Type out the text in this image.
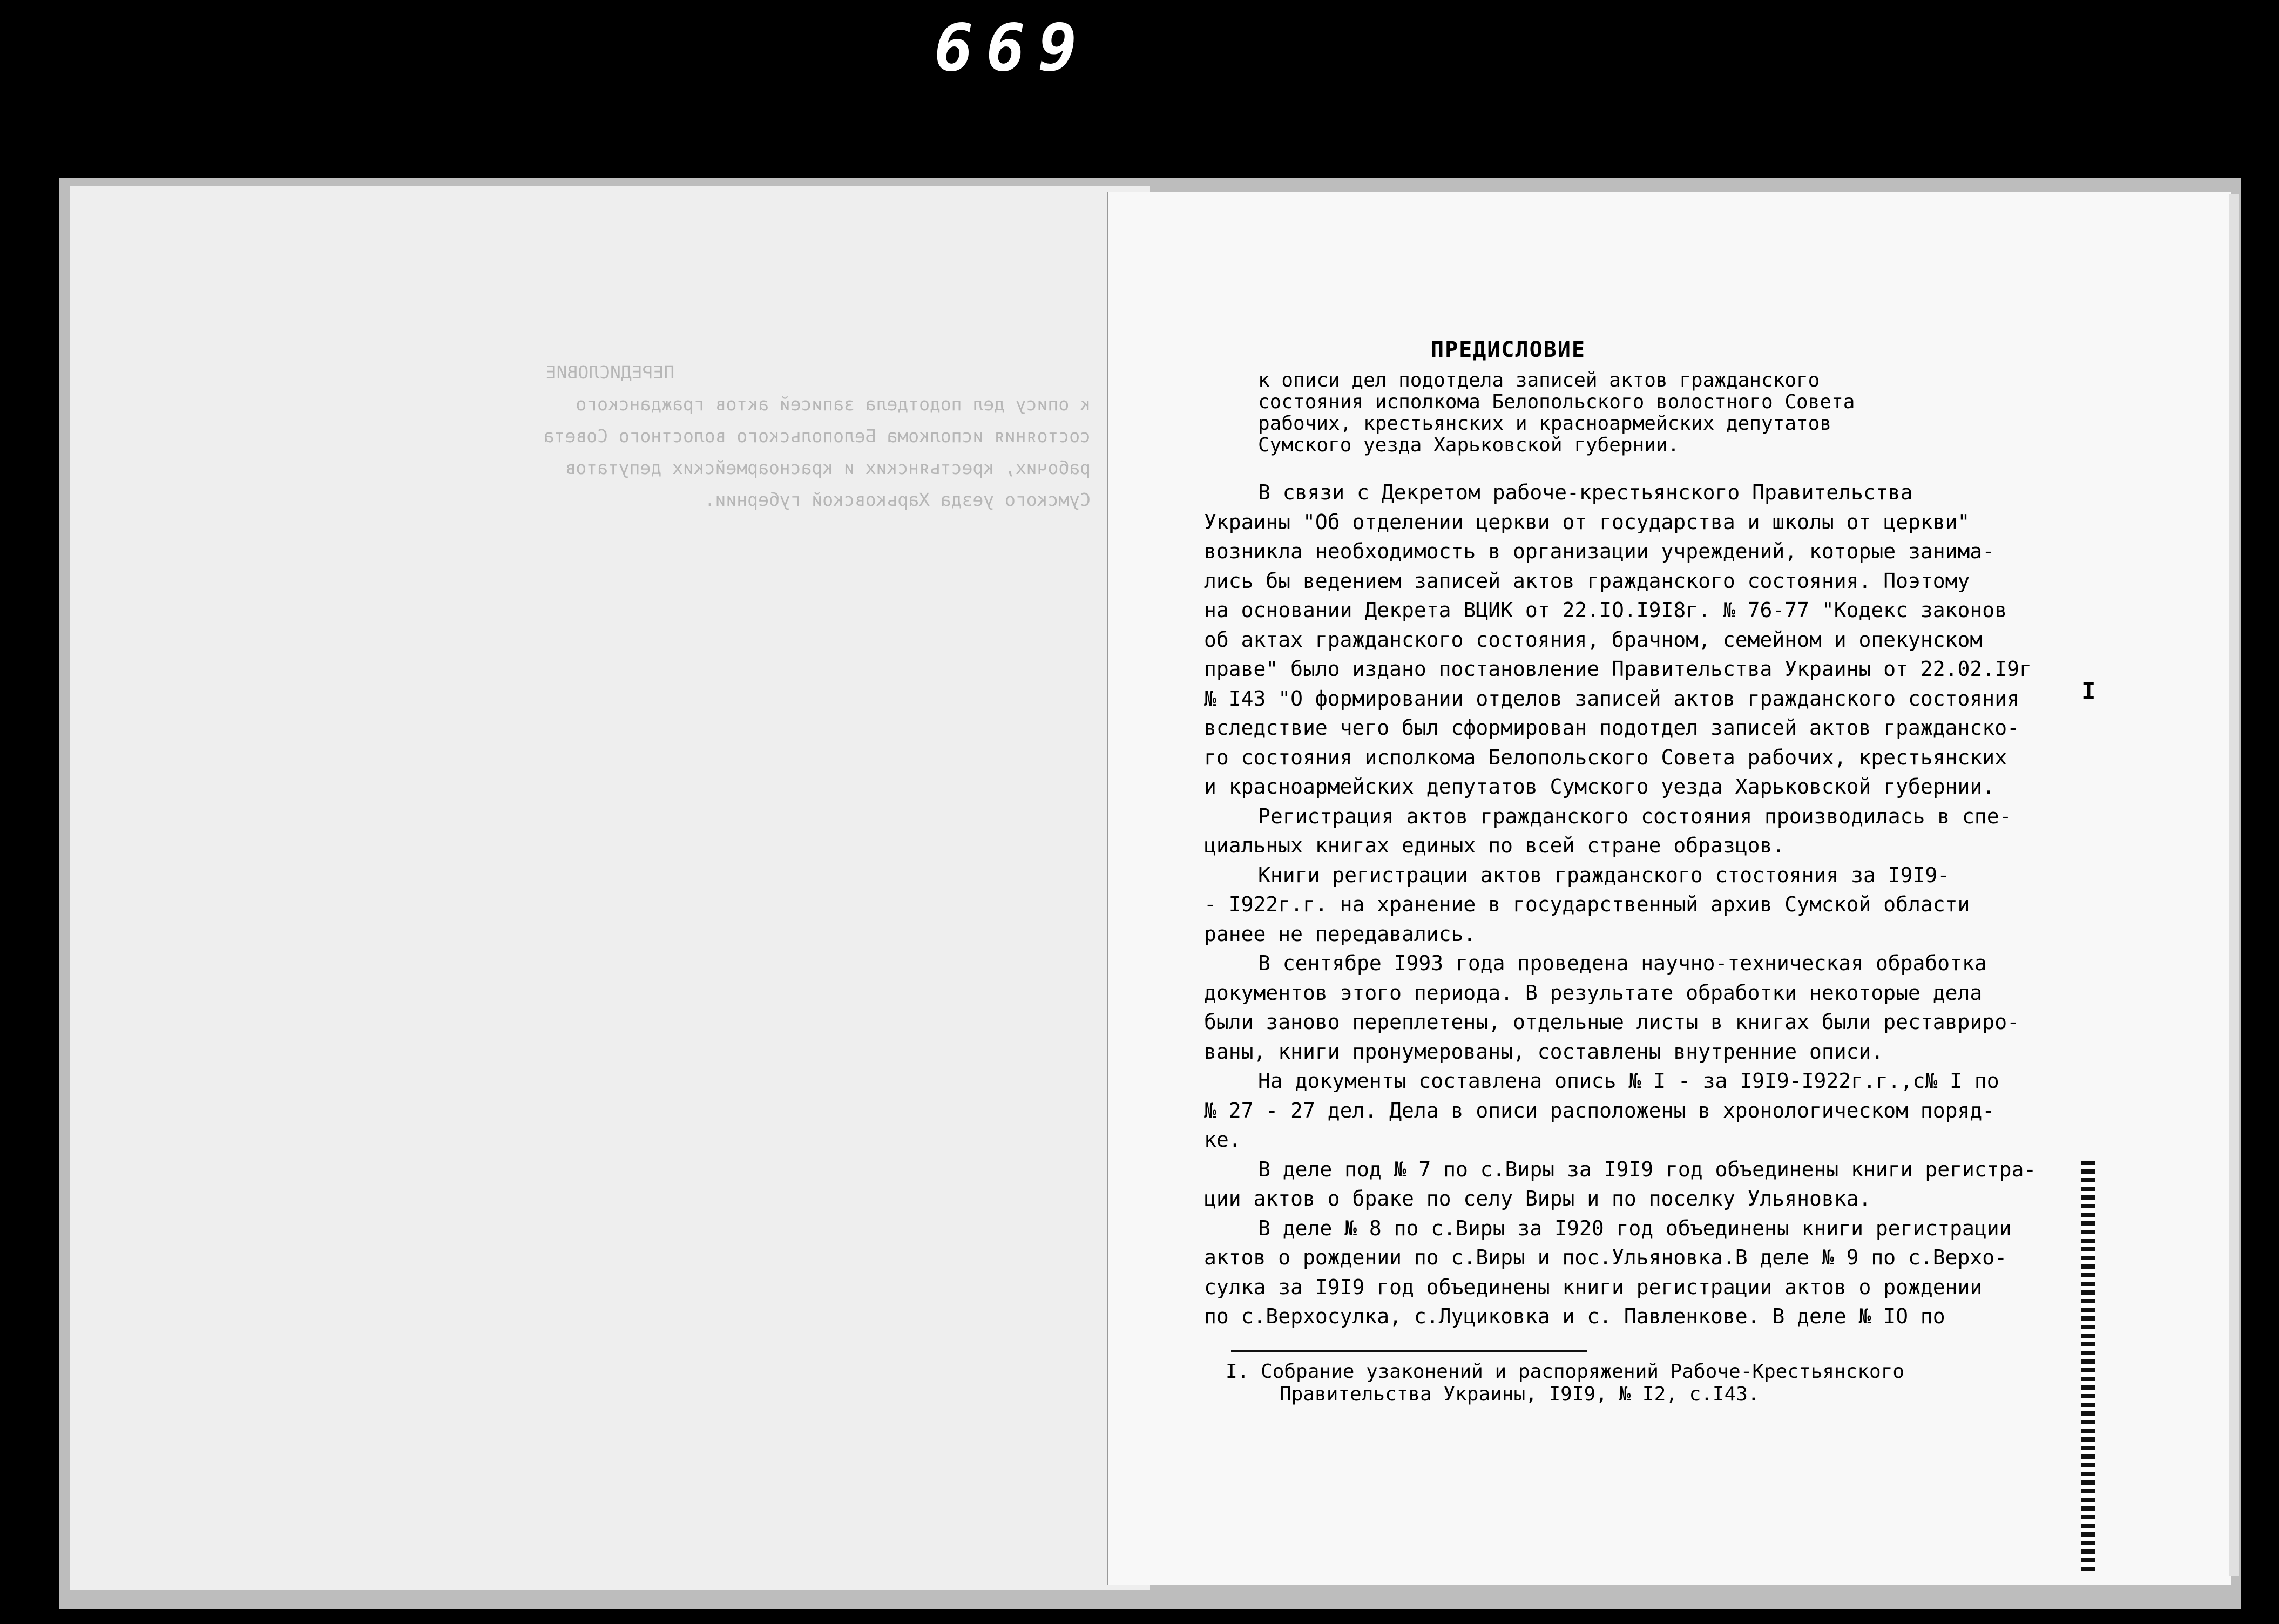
669

ПЕРЕДИСЛОВИЕ

к опису дел подотдела записей актов гражданского

состояния исполкома Белопольского волостного Совета

рабочих, крестьянских и красноармейских депутатов

Сумского уезда Харьковской губернии.

ПРЕДИСЛОВИЕ

к описи дел подотдела записей актов гражданского

состояния исполкома Белопольского волостного Совета

рабочих, крестьянских и красноармейских депутатов

Сумского уезда Харьковской губернии.

В связи с Декретом рабоче-крестьянского Правительства

Украины "Об отделении церкви от государства и школы от церкви"

возникла необходимость в организации учреждений, которые занима-

лись бы ведением записей актов гражданского состояния. Поэтому

на основании Декрета ВЦИК от 22.IO.I9I8г. № 76-77 "Кодекс законов

об актах гражданского состояния, брачном, семейном и опекунском

праве" было издано постановление Правительства Украины от 22.02.I9г

№ I43 "О формировании отделов записей актов гражданского состояния

вследствие чего был сформирован подотдел записей актов гражданско-

го состояния исполкома Белопольского Совета рабочих, крестьянских

и красноармейских депутатов Сумского уезда Харьковской губернии.

Регистрация актов гражданского состояния производилась в спе-

циальных книгах единых по всей стране образцов.

Книги регистрации актов гражданского стостояния за I9I9-

- I922г.г. на хранение в государственный архив Сумской области

ранее не передавались.

В сентябре I993 года проведена научно-техническая обработка

документов этого периода. В результате обработки некоторые дела

были заново переплетены, отдельные листы в книгах были реставриро-

ваны, книги пронумерованы, составлены внутренние описи.

На документы составлена опись № I - за I9I9-I922г.г.,с№ I по

№ 27 - 27 дел. Дела в описи расположены в хронологическом поряд-

ке.

В деле под № 7 по с.Виры за I9I9 год объединены книги регистра-

ции актов о браке по селу Виры и по поселку Ульяновка.

В деле № 8 по с.Виры за I920 год объединены книги регистрации

актов о рождении по с.Виры и пос.Ульяновка.В деле № 9 по с.Верхо-

сулка за I9I9 год объединены книги регистрации актов о рождении

по с.Верхосулка, с.Луциковка и с. Павленкове. В деле № IO по

I

I. Собрание узаконений и распоряжений Рабоче-Крестьянского

Правительства Украины, I9I9, № I2, с.I43.
